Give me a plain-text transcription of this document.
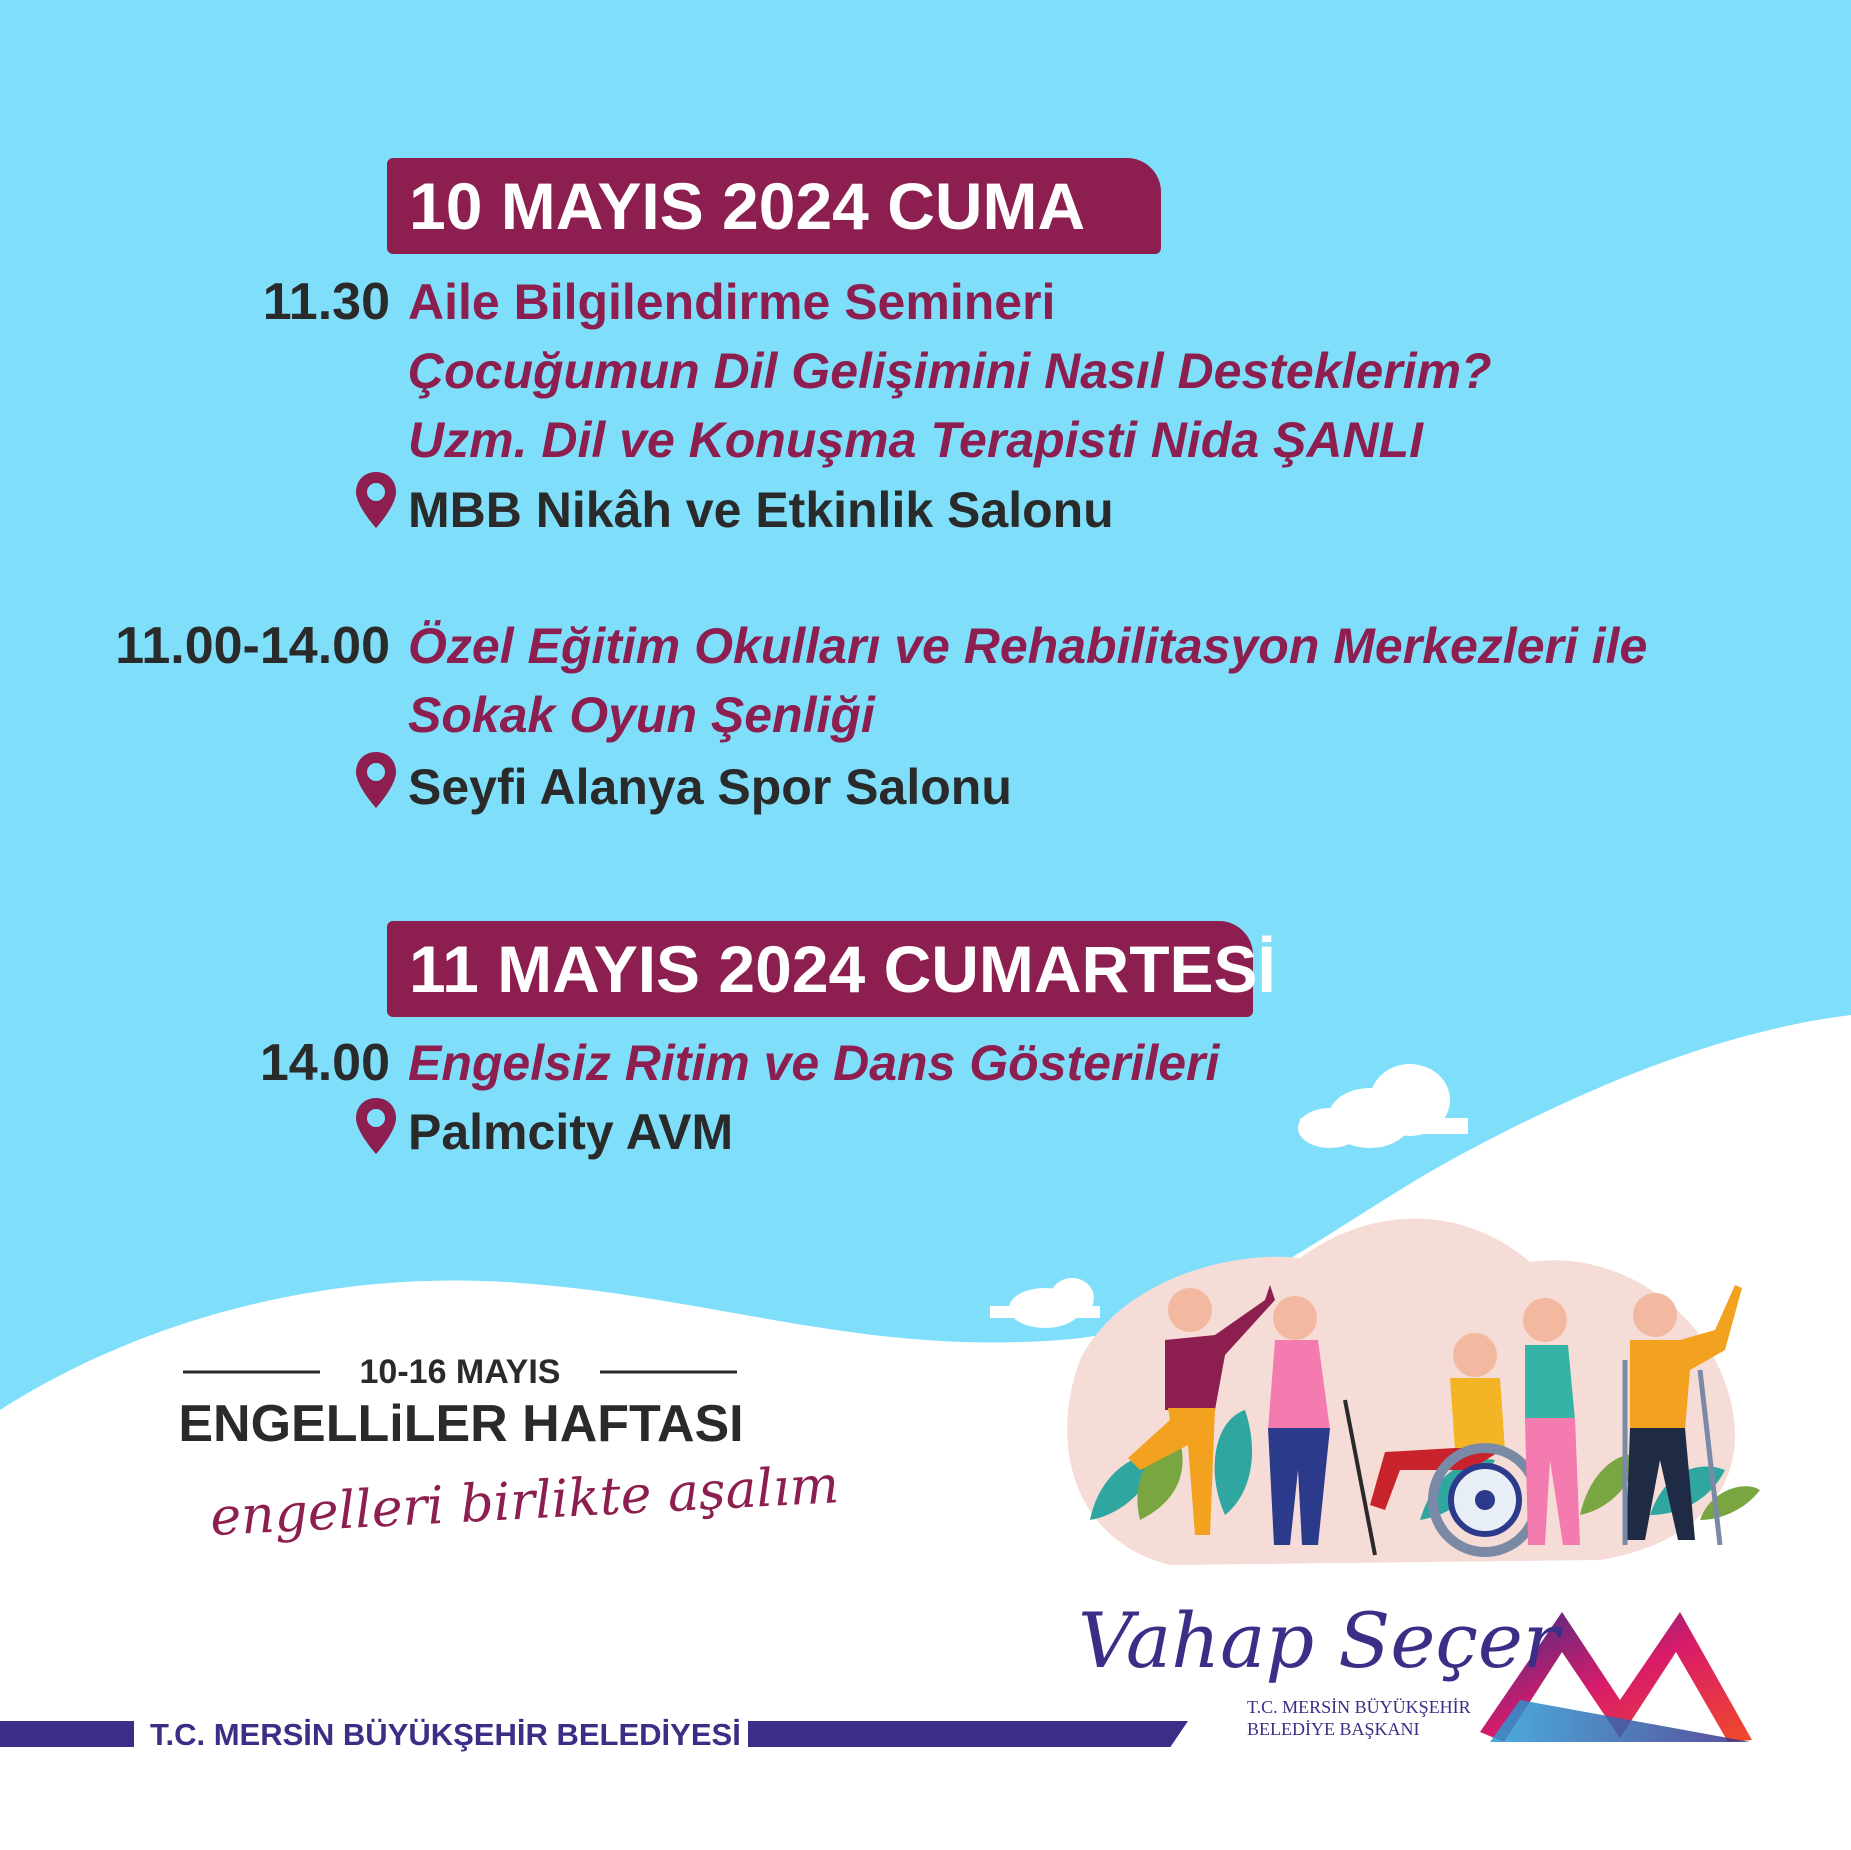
10 MAYIS 2024 CUMA
11.30 Aile Bilgilendirme Semineri
Çocuğumun Dil Gelişimini Nasıl Desteklerim?
Uzm. Dil ve Konuşma Terapisti Nida ŞANLI
MBB Nikâh ve Etkinlik Salonu
11.00-14.00 Özel Eğitim Okulları ve Rehabilitasyon Merkezleri ile
Sokak Oyun Şenliği
Seyfi Alanya Spor Salonu
11 MAYIS 2024 CUMARTESİ
14.00 Engelsiz Ritim ve Dans Gösterileri
Palmcity AVM
10-16 MAYIS
ENGELLiLER HAFTASI
engelleri birlikte aşalım
T.C. MERSİN BÜYÜKŞEHİR BELEDİYESİ
Vahap Seçer
T.C. MERSİN BÜYÜKŞEHİR
BELEDİYE BAŞKANI
